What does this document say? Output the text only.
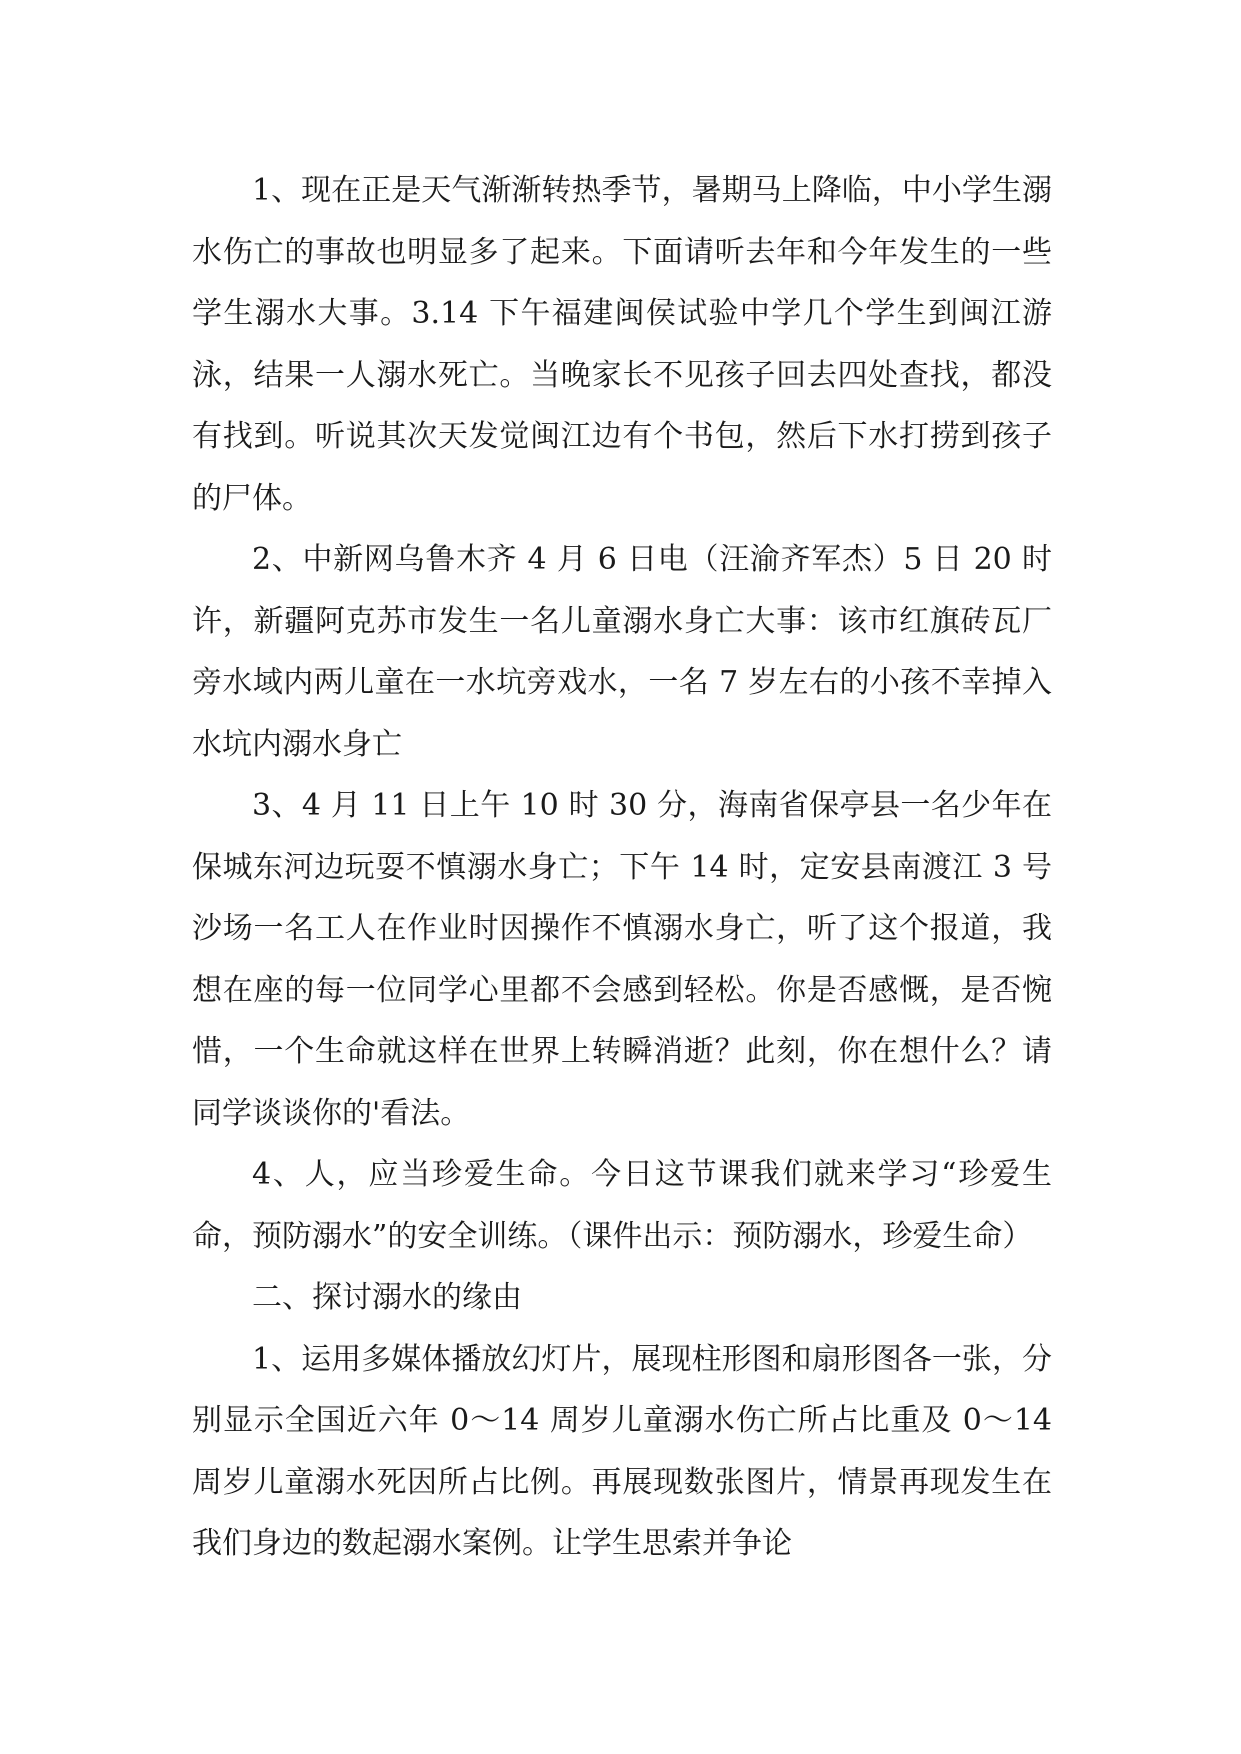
1、现在正是天气渐渐转热季节，暑期马上降临，中小学生溺水伤亡的事故也明显多了起来。下面请听去年和今年发生的一些学生溺水大事。3.14 下午福建闽侯试验中学几个学生到闽江游泳，结果一人溺水死亡。当晚家长不见孩子回去四处查找，都没有找到。听说其次天发觉闽江边有个书包，然后下水打捞到孩子的尸体。

2、中新网乌鲁木齐 4 月 6 日电（汪渝齐军杰）5 日 20 时许，新疆阿克苏市发生一名儿童溺水身亡大事：该市红旗砖瓦厂旁水域内两儿童在一水坑旁戏水，一名 7 岁左右的小孩不幸掉入水坑内溺水身亡

3、4 月 11 日上午 10 时 30 分，海南省保亭县一名少年在保城东河边玩耍不慎溺水身亡；下午 14 时，定安县南渡江 3 号沙场一名工人在作业时因操作不慎溺水身亡，听了这个报道，我想在座的每一位同学心里都不会感到轻松。你是否感慨，是否惋惜，一个生命就这样在世界上转瞬消逝？此刻，你在想什么？请同学谈谈你的'看法。

4、人，应当珍爱生命。今日这节课我们就来学习“珍爱生命，预防溺水”的安全训练。（课件出示：预防溺水，珍爱生命）

二、探讨溺水的缘由

1、运用多媒体播放幻灯片，展现柱形图和扇形图各一张，分别显示全国近六年 0～14 周岁儿童溺水伤亡所占比重及 0～14 周岁儿童溺水死因所占比例。再展现数张图片，情景再现发生在我们身边的数起溺水案例。让学生思索并争论
